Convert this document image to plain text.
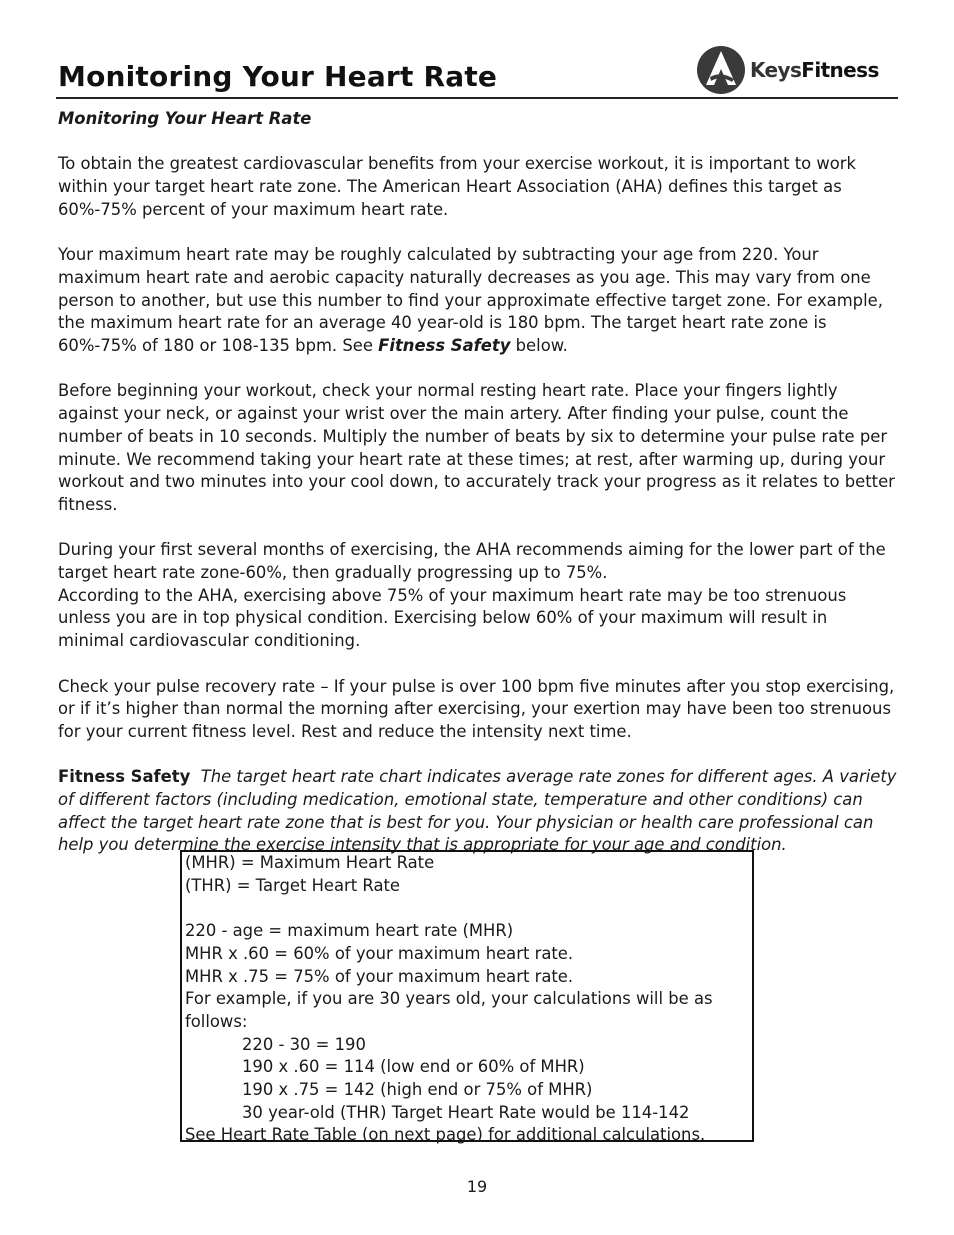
Monitoring Your Heart Rate	KeysFitness

Monitoring Your Heart Rate

To obtain the greatest cardiovascular benefits from your exercise workout, it is important to work within your target heart rate zone. The American Heart Association (AHA) defines this target as 60%-75% percent of your maximum heart rate.

Your maximum heart rate may be roughly calculated by subtracting your age from 220. Your maximum heart rate and aerobic capacity naturally decreases as you age. This may vary from one person to another, but use this number to find your approximate effective target zone. For example, the maximum heart rate for an average 40 year-old is 180 bpm. The target heart rate zone is 60%-75% of 180 or 108-135 bpm. See Fitness Safety below.

Before beginning your workout, check your normal resting heart rate. Place your fingers lightly against your neck, or against your wrist over the main artery. After finding your pulse, count the number of beats in 10 seconds. Multiply the number of beats by six to determine your pulse rate per minute. We recommend taking your heart rate at these times; at rest, after warming up, during your workout and two minutes into your cool down, to accurately track your progress as it relates to better fitness.

During your first several months of exercising, the AHA recommends aiming for the lower part of the target heart rate zone-60%, then gradually progressing up to 75%.
According to the AHA, exercising above 75% of your maximum heart rate may be too strenuous unless you are in top physical condition. Exercising below 60% of your maximum will result in minimal cardiovascular conditioning.

Check your pulse recovery rate – If your pulse is over 100 bpm five minutes after you stop exercising, or if it’s higher than normal the morning after exercising, your exertion may have been too strenuous for your current fitness level. Rest and reduce the intensity next time.

Fitness Safety The target heart rate chart indicates average rate zones for different ages. A variety of different factors (including medication, emotional state, temperature and other conditions) can affect the target heart rate zone that is best for you. Your physician or health care professional can help you determine the exercise intensity that is appropriate for your age and condition.

(MHR) = Maximum Heart Rate
(THR) = Target Heart Rate
220 - age = maximum heart rate (MHR)
MHR x .60 = 60% of your maximum heart rate.
MHR x .75 = 75% of your maximum heart rate.
For example, if you are 30 years old, your calculations will be as
follows:
220 - 30 = 190
190 x .60 = 114 (low end or 60% of MHR)
190 x .75 = 142 (high end or 75% of MHR)
30 year-old (THR) Target Heart Rate would be 114-142
See Heart Rate Table (on next page) for additional calculations.
19
